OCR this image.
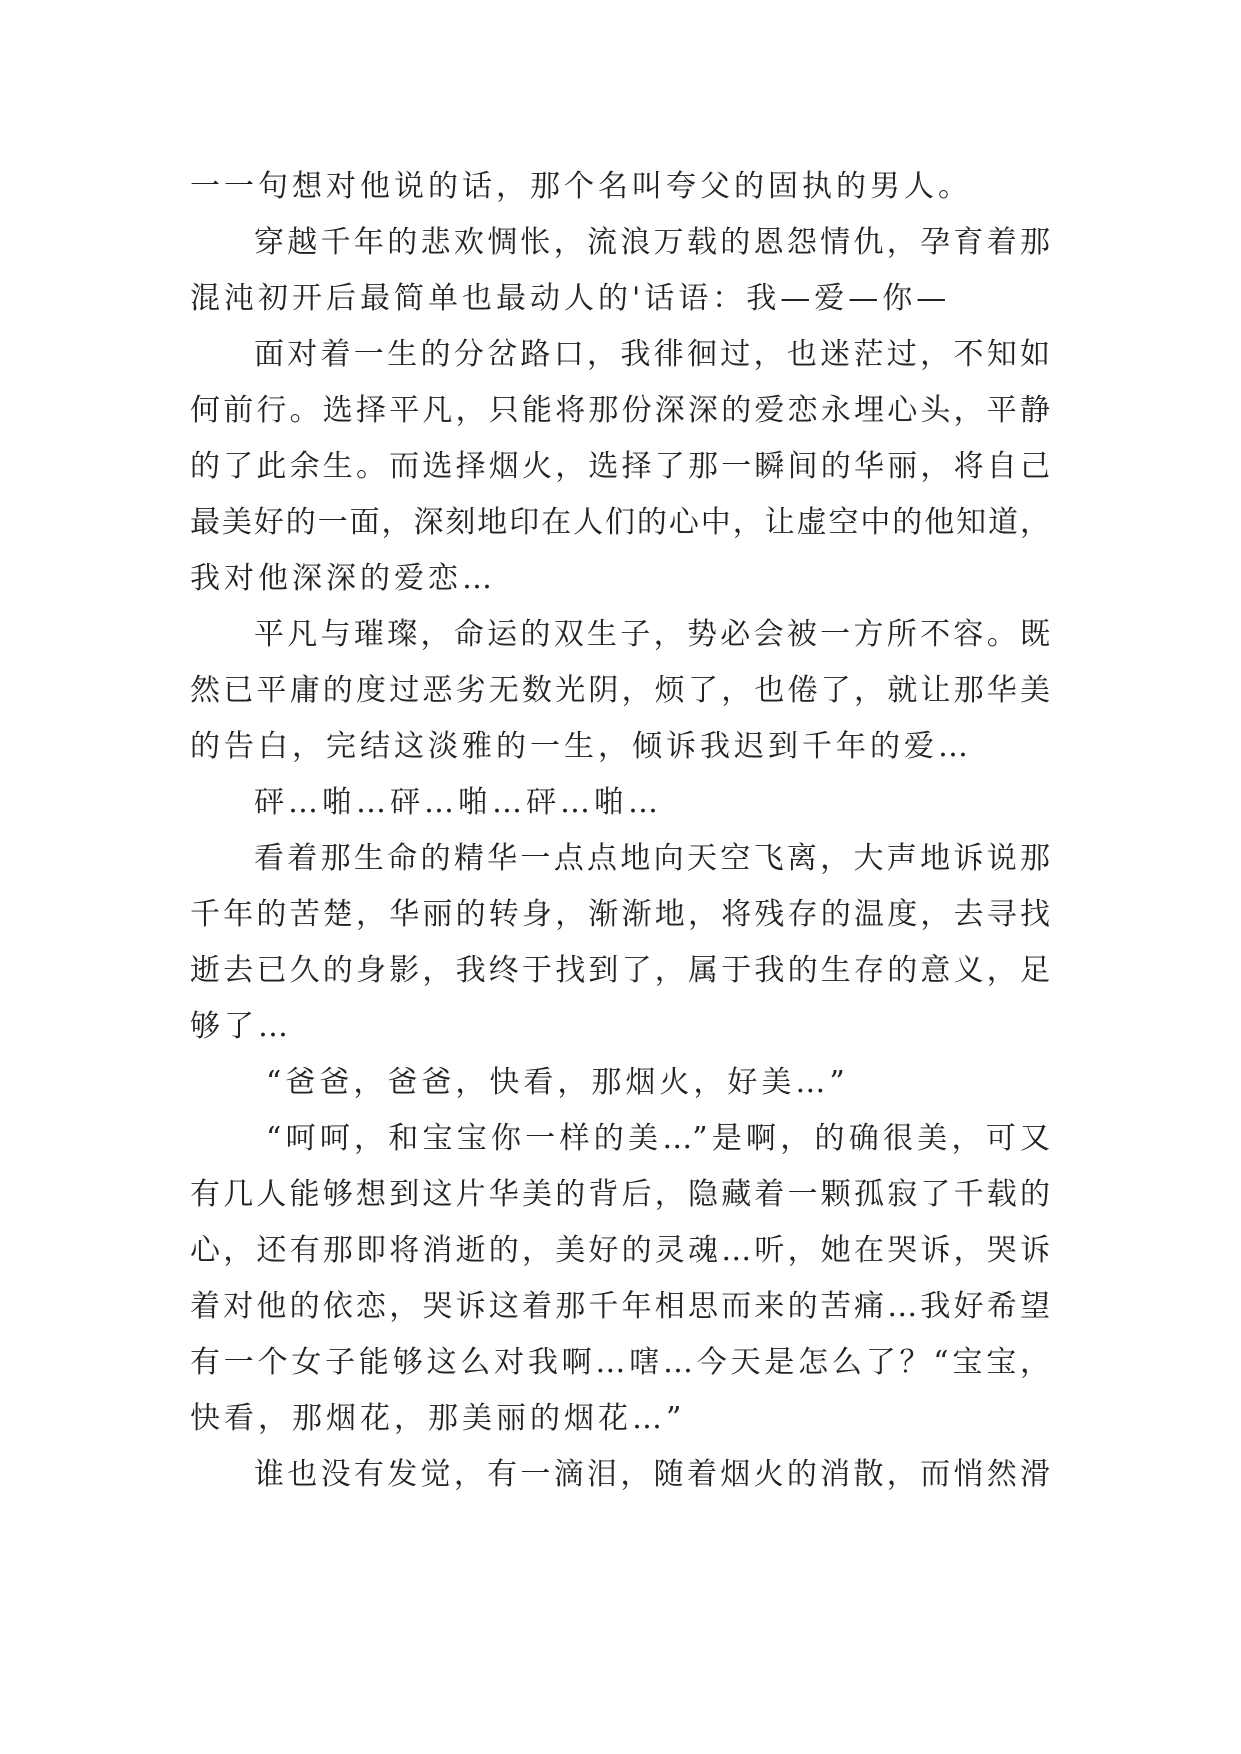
一一句想对他说的话，那个名叫夸父的固执的男人。

穿越千年的悲欢惆怅，流浪万载的恩怨情仇，孕育着那

混沌初开后最简单也最动人的'话语：我—爱—你—

面对着一生的分岔路口，我徘徊过，也迷茫过，不知如

何前行。选择平凡，只能将那份深深的爱恋永埋心头，平静

的了此余生。而选择烟火，选择了那一瞬间的华丽，将自己

最美好的一面，深刻地印在人们的心中，让虚空中的他知道，

我对他深深的爱恋…

平凡与璀璨，命运的双生子，势必会被一方所不容。既

然已平庸的度过恶劣无数光阴，烦了，也倦了，就让那华美

的告白，完结这淡雅的一生，倾诉我迟到千年的爱…

砰…啪…砰…啪…砰…啪…

看着那生命的精华一点点地向天空飞离，大声地诉说那

千年的苦楚，华丽的转身，渐渐地，将残存的温度，去寻找

逝去已久的身影，我终于找到了，属于我的生存的意义，足

够了…

“爸爸，爸爸，快看，那烟火，好美…”

“呵呵，和宝宝你一样的美…”是啊，的确很美，可又

有几人能够想到这片华美的背后，隐藏着一颗孤寂了千载的

心，还有那即将消逝的，美好的灵魂…听，她在哭诉，哭诉

着对他的依恋，哭诉这着那千年相思而来的苦痛…我好希望

有一个女子能够这么对我啊…嗐…今天是怎么了？“宝宝，

快看，那烟花，那美丽的烟花…”

谁也没有发觉，有一滴泪，随着烟火的消散，而悄然滑
